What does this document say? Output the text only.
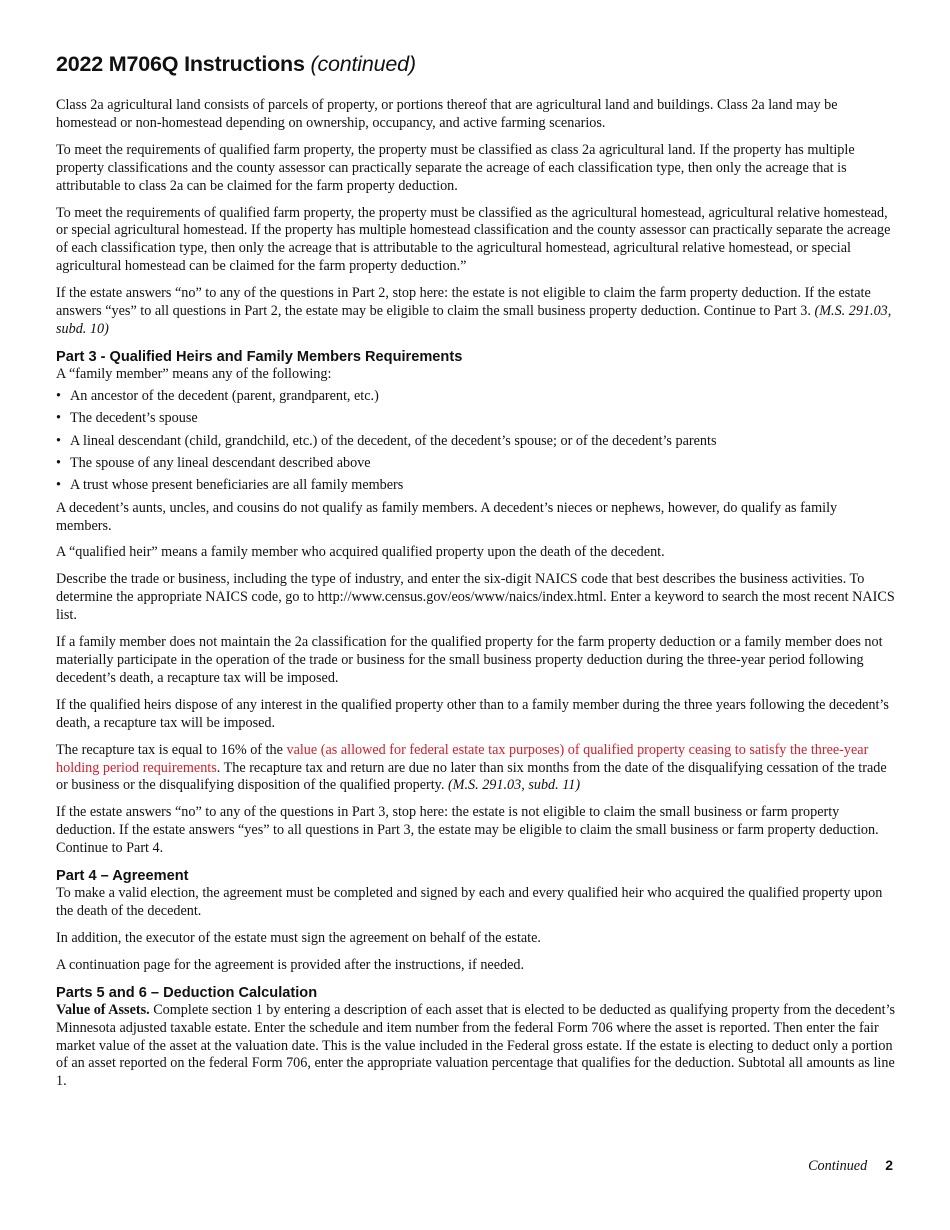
2022 M706Q Instructions (continued)

Class 2a agricultural land consists of parcels of property, or portions thereof that are agricultural land and buildings. Class 2a land may be homestead or non-homestead depending on ownership, occupancy, and active farming scenarios.

To meet the requirements of qualified farm property, the property must be classified as class 2a agricultural land. If the property has multiple property classifications and the county assessor can practically separate the acreage of each classification type, then only the acreage that is attributable to class 2a can be claimed for the farm property deduction.

To meet the requirements of qualified farm property, the property must be classified as the agricultural homestead, agricultural relative homestead, or special agricultural homestead. If the property has multiple homestead classification and the county assessor can practically separate the acreage of each classification type, then only the acreage that is attributable to the agricultural homestead, agricultural relative homestead, or special agricultural homestead can be claimed for the farm property deduction.”

If the estate answers “no” to any of the questions in Part 2, stop here: the estate is not eligible to claim the farm property deduction. If the estate answers “yes” to all questions in Part 2, the estate may be eligible to claim the small business property deduction. Continue to Part 3. (M.S. 291.03, subd. 10)

Part 3 - Qualified Heirs and Family Members Requirements

A “family member” means any of the following:

• An ancestor of the decedent (parent, grandparent, etc.)
• The decedent’s spouse
• A lineal descendant (child, grandchild, etc.) of the decedent, of the decedent’s spouse; or of the decedent’s parents
• The spouse of any lineal descendant described above
• A trust whose present beneficiaries are all family members

A decedent’s aunts, uncles, and cousins do not qualify as family members. A decedent’s nieces or nephews, however, do qualify as family members.

A “qualified heir” means a family member who acquired qualified property upon the death of the decedent.

Describe the trade or business, including the type of industry, and enter the six-digit NAICS code that best describes the business activities. To determine the appropriate NAICS code, go to http://www.census.gov/eos/www/naics/index.html. Enter a keyword to search the most recent NAICS list.

If a family member does not maintain the 2a classification for the qualified property for the farm property deduction or a family member does not materially participate in the operation of the trade or business for the small business property deduction during the three-year period following decedent’s death, a recapture tax will be imposed.

If the qualified heirs dispose of any interest in the qualified property other than to a family member during the three years following the decedent’s death, a recapture tax will be imposed.

The recapture tax is equal to 16% of the value (as allowed for federal estate tax purposes) of qualified property ceasing to satisfy the three-year holding period requirements. The recapture tax and return are due no later than six months from the date of the disqualifying cessation of the trade or business or the disqualifying disposition of the qualified property. (M.S. 291.03, subd. 11)

If the estate answers “no” to any of the questions in Part 3, stop here: the estate is not eligible to claim the small business or farm property deduction. If the estate answers “yes” to all questions in Part 3, the estate may be eligible to claim the small business or farm property deduction. Continue to Part 4.

Part 4 – Agreement

To make a valid election, the agreement must be completed and signed by each and every qualified heir who acquired the qualified property upon the death of the decedent.

In addition, the executor of the estate must sign the agreement on behalf of the estate.

A continuation page for the agreement is provided after the instructions, if needed.

Parts 5 and 6 – Deduction Calculation

Value of Assets. Complete section 1 by entering a description of each asset that is elected to be deducted as qualifying property from the decedent’s Minnesota adjusted taxable estate. Enter the schedule and item number from the federal Form 706 where the asset is reported. Then enter the fair market value of the asset at the valuation date. This is the value included in the Federal gross estate. If the estate is electing to deduct only a portion of an asset reported on the federal Form 706, enter the appropriate valuation percentage that qualifies for the deduction. Subtotal all amounts as line 1.

Continued 2
